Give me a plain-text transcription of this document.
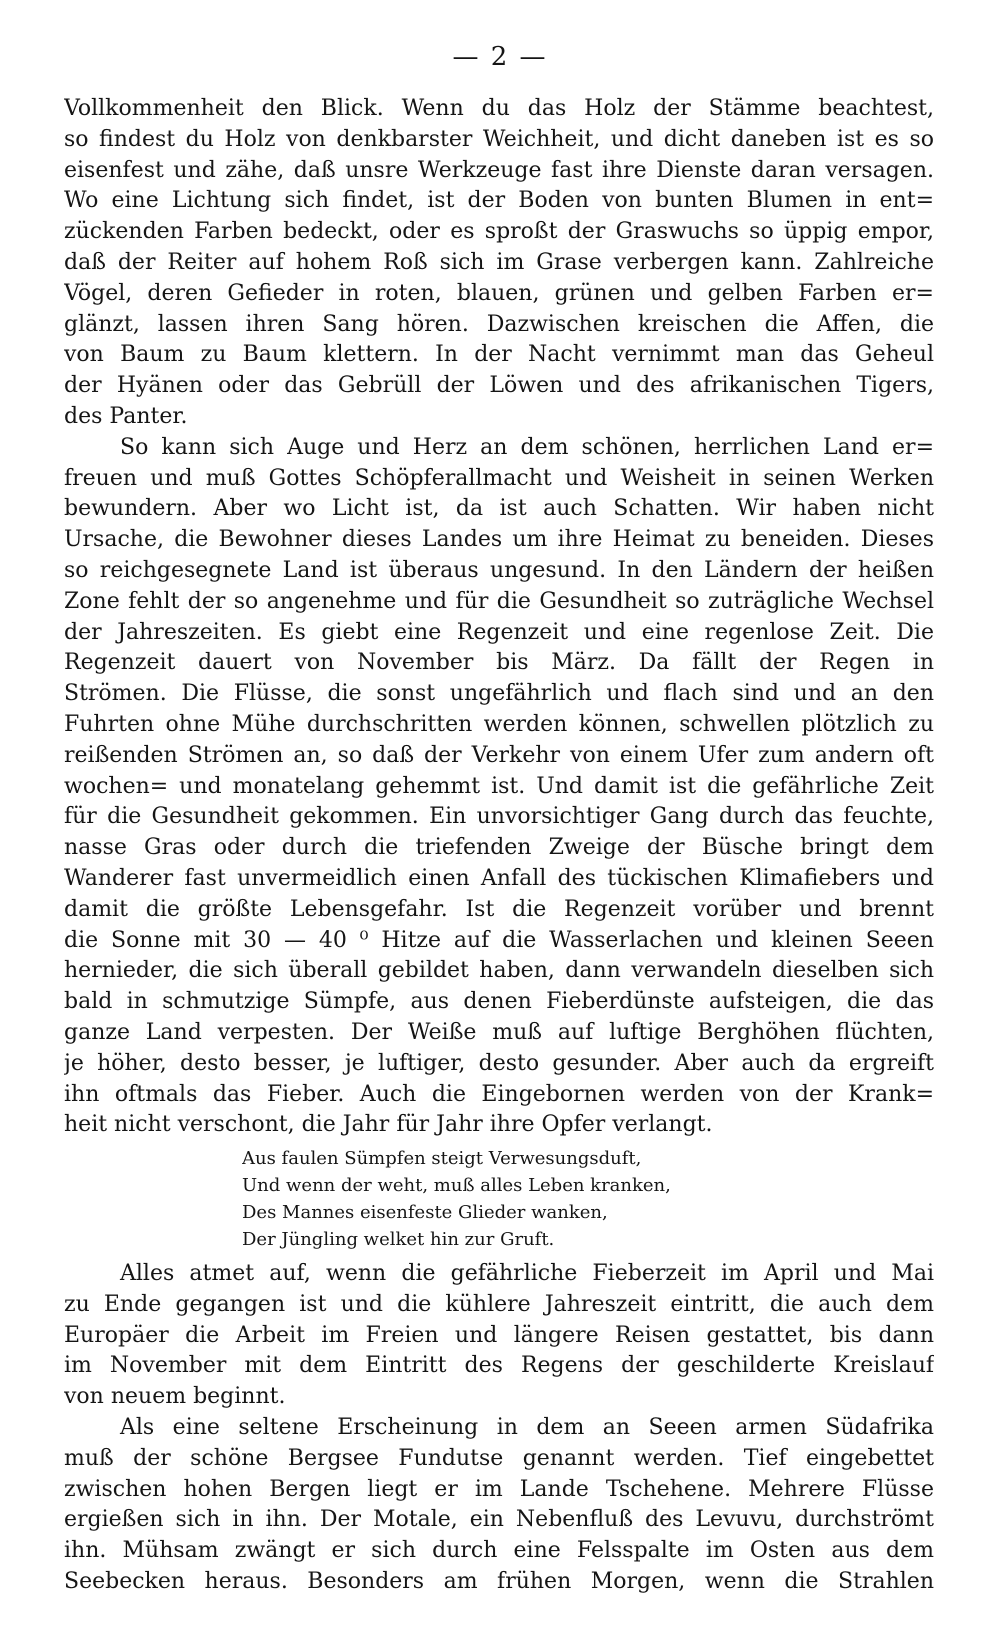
— 2 —
Vollkommenheit den Blick. Wenn du das Holz der Stämme beachtest,
so findest du Holz von denkbarster Weichheit, und dicht daneben ist es so
eisenfest und zähe, daß unsre Werkzeuge fast ihre Dienste daran versagen.
Wo eine Lichtung sich findet, ist der Boden von bunten Blumen in ent=
zückenden Farben bedeckt, oder es sproßt der Graswuchs so üppig empor,
daß der Reiter auf hohem Roß sich im Grase verbergen kann. Zahlreiche
Vögel, deren Gefieder in roten, blauen, grünen und gelben Farben er=
glänzt, lassen ihren Sang hören. Dazwischen kreischen die Affen, die
von Baum zu Baum klettern. In der Nacht vernimmt man das Geheul
der Hyänen oder das Gebrüll der Löwen und des afrikanischen Tigers,
des Panter.
So kann sich Auge und Herz an dem schönen, herrlichen Land er=
freuen und muß Gottes Schöpferallmacht und Weisheit in seinen Werken
bewundern. Aber wo Licht ist, da ist auch Schatten. Wir haben nicht
Ursache, die Bewohner dieses Landes um ihre Heimat zu beneiden. Dieses
so reichgesegnete Land ist überaus ungesund. In den Ländern der heißen
Zone fehlt der so angenehme und für die Gesundheit so zuträgliche Wechsel
der Jahreszeiten. Es giebt eine Regenzeit und eine regenlose Zeit. Die
Regenzeit dauert von November bis März. Da fällt der Regen in
Strömen. Die Flüsse, die sonst ungefährlich und flach sind und an den
Fuhrten ohne Mühe durchschritten werden können, schwellen plötzlich zu
reißenden Strömen an, so daß der Verkehr von einem Ufer zum andern oft
wochen= und monatelang gehemmt ist. Und damit ist die gefährliche Zeit
für die Gesundheit gekommen. Ein unvorsichtiger Gang durch das feuchte,
nasse Gras oder durch die triefenden Zweige der Büsche bringt dem
Wanderer fast unvermeidlich einen Anfall des tückischen Klimafiebers und
damit die größte Lebensgefahr. Ist die Regenzeit vorüber und brennt
die Sonne mit 30 — 40 ⁰ Hitze auf die Wasserlachen und kleinen Seeen
hernieder, die sich überall gebildet haben, dann verwandeln dieselben sich
bald in schmutzige Sümpfe, aus denen Fieberdünste aufsteigen, die das
ganze Land verpesten. Der Weiße muß auf luftige Berghöhen flüchten,
je höher, desto besser, je luftiger, desto gesunder. Aber auch da ergreift
ihn oftmals das Fieber. Auch die Eingebornen werden von der Krank=
heit nicht verschont, die Jahr für Jahr ihre Opfer verlangt.
Aus faulen Sümpfen steigt Verwesungsduft,
Und wenn der weht, muß alles Leben kranken,
Des Mannes eisenfeste Glieder wanken,
Der Jüngling welket hin zur Gruft.
Alles atmet auf, wenn die gefährliche Fieberzeit im April und Mai
zu Ende gegangen ist und die kühlere Jahreszeit eintritt, die auch dem
Europäer die Arbeit im Freien und längere Reisen gestattet, bis dann
im November mit dem Eintritt des Regens der geschilderte Kreislauf
von neuem beginnt.
Als eine seltene Erscheinung in dem an Seeen armen Südafrika
muß der schöne Bergsee Fundutse genannt werden. Tief eingebettet
zwischen hohen Bergen liegt er im Lande Tschehene. Mehrere Flüsse
ergießen sich in ihn. Der Motale, ein Nebenfluß des Levuvu, durchströmt
ihn. Mühsam zwängt er sich durch eine Felsspalte im Osten aus dem
Seebecken heraus. Besonders am frühen Morgen, wenn die Strahlen
